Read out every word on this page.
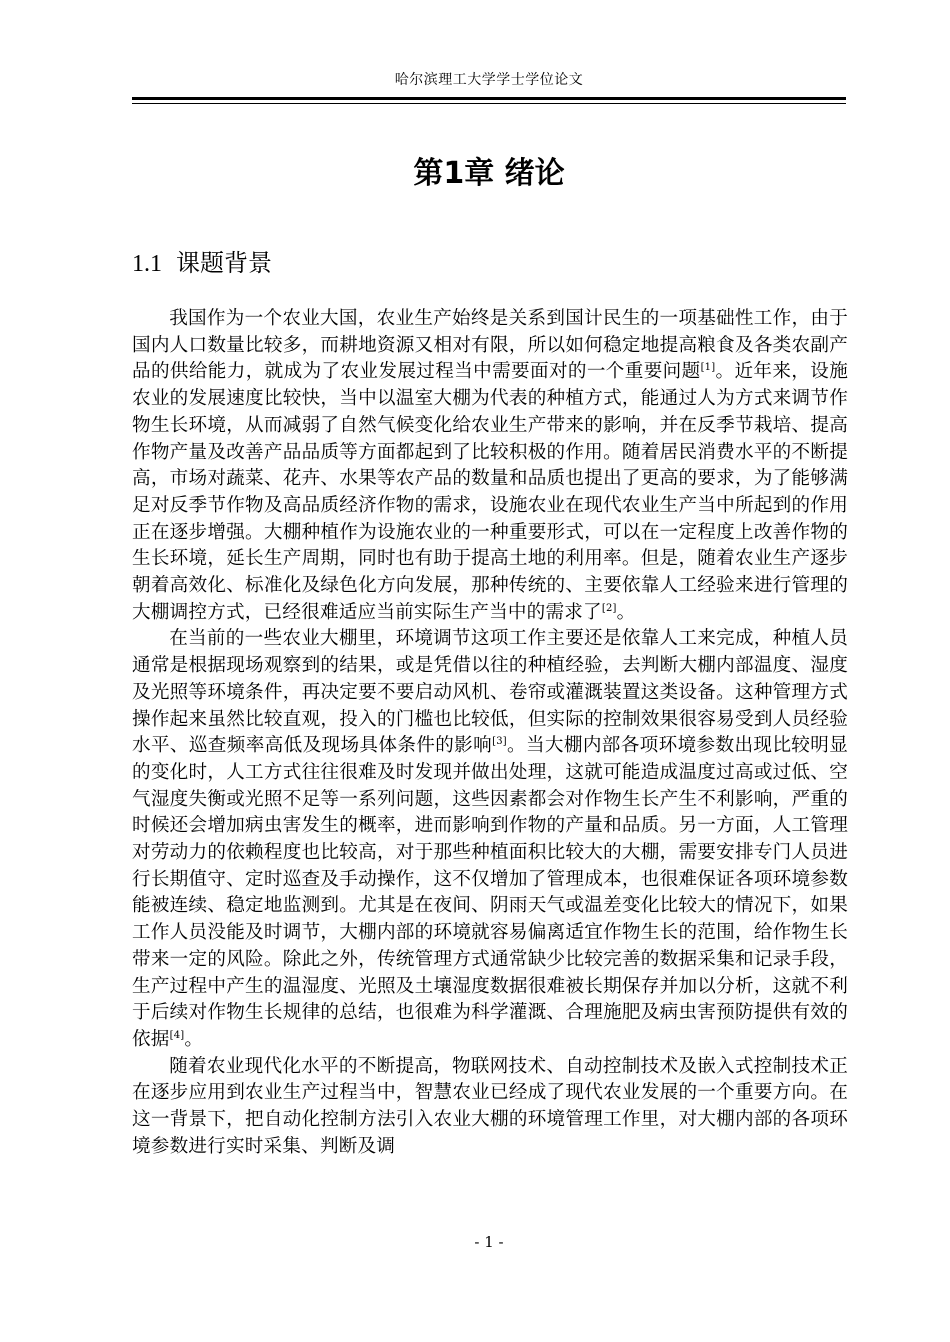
哈尔滨理工大学学士学位论文
第1章 绪论
1.1 课题背景

我国作为一个农业大国，农业生产始终是关系到国计民生的一项基础性工作，由于国内人口数量比较多，而耕地资源又相对有限，所以如何稳定地提高粮食及各类农副产品的供给能力，就成为了农业发展过程当中需要面对的一个重要问题[1]。近年来，设施农业的发展速度比较快，当中以温室大棚为代表的种植方式，能通过人为方式来调节作物生长环境，从而减弱了自然气候变化给农业生产带来的影响，并在反季节栽培、提高作物产量及改善产品品质等方面都起到了比较积极的作用。随着居民消费水平的不断提高，市场对蔬菜、花卉、水果等农产品的数量和品质也提出了更高的要求，为了能够满足对反季节作物及高品质经济作物的需求，设施农业在现代农业生产当中所起到的作用正在逐步增强。大棚种植作为设施农业的一种重要形式，可以在一定程度上改善作物的生长环境，延长生产周期，同时也有助于提高土地的利用率。但是，随着农业生产逐步朝着高效化、标准化及绿色化方向发展，那种传统的、主要依靠人工经验来进行管理的大棚调控方式，已经很难适应当前实际生产当中的需求了[2]。

在当前的一些农业大棚里，环境调节这项工作主要还是依靠人工来完成，种植人员通常是根据现场观察到的结果，或是凭借以往的种植经验，去判断大棚内部温度、湿度及光照等环境条件，再决定要不要启动风机、卷帘或灌溉装置这类设备。这种管理方式操作起来虽然比较直观，投入的门槛也比较低，但实际的控制效果很容易受到人员经验水平、巡查频率高低及现场具体条件的影响[3]。当大棚内部各项环境参数出现比较明显的变化时，人工方式往往很难及时发现并做出处理，这就可能造成温度过高或过低、空气湿度失衡或光照不足等一系列问题，这些因素都会对作物生长产生不利影响，严重的时候还会增加病虫害发生的概率，进而影响到作物的产量和品质。另一方面，人工管理对劳动力的依赖程度也比较高，对于那些种植面积比较大的大棚，需要安排专门人员进行长期值守、定时巡查及手动操作，这不仅增加了管理成本，也很难保证各项环境参数能被连续、稳定地监测到。尤其是在夜间、阴雨天气或温差变化比较大的情况下，如果工作人员没能及时调节，大棚内部的环境就容易偏离适宜作物生长的范围，给作物生长带来一定的风险。除此之外，传统管理方式通常缺少比较完善的数据采集和记录手段，生产过程中产生的温湿度、光照及土壤湿度数据很难被长期保存并加以分析，这就不利于后续对作物生长规律的总结，也很难为科学灌溉、合理施肥及病虫害预防提供有效的依据[4]。

随着农业现代化水平的不断提高，物联网技术、自动控制技术及嵌入式控制技术正在逐步应用到农业生产过程当中，智慧农业已经成了现代农业发展的一个重要方向。在这一背景下，把自动化控制方法引入农业大棚的环境管理工作里，对大棚内部的各项环境参数进行实时采集、判断及调

- 1 -
